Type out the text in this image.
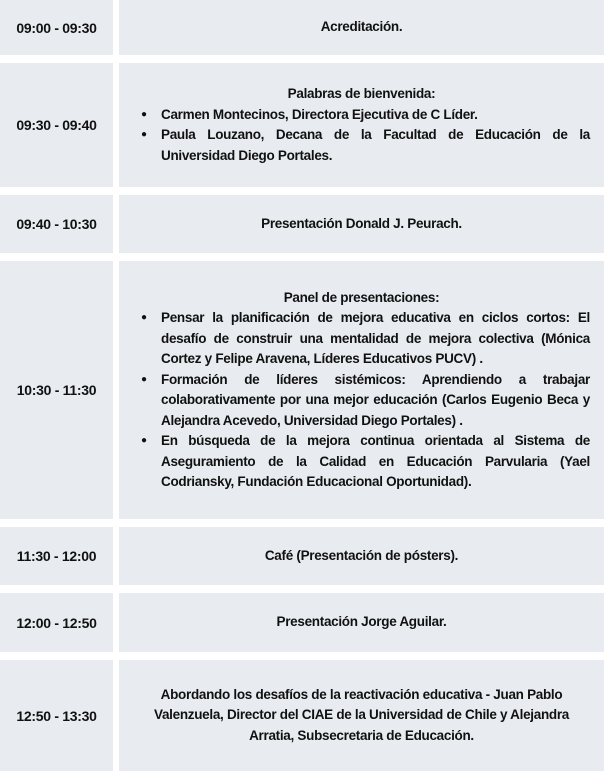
09:00 - 09:30	Acreditación.
09:30 - 09:40
Palabras de bienvenida:
● Carmen Montecinos, Directora Ejecutiva de C Líder.
● Paula Louzano, Decana de la Facultad de Educación de la Universidad Diego Portales.
09:40 - 10:30	Presentación Donald J. Peurach.
10:30 - 11:30
Panel de presentaciones:
● Pensar la planificación de mejora educativa en ciclos cortos: El desafío de construir una mentalidad de mejora colectiva (Mónica Cortez y Felipe Aravena, Líderes Educativos PUCV) .
● Formación de líderes sistémicos: Aprendiendo a trabajar colaborativamente por una mejor educación (Carlos Eugenio Beca y Alejandra Acevedo, Universidad Diego Portales) .
● En búsqueda de la mejora continua orientada al Sistema de Aseguramiento de la Calidad en Educación Parvularia (Yael Codriansky, Fundación Educacional Oportunidad).
11:30 - 12:00	Café (Presentación de pósters).
12:00 - 12:50	Presentación Jorge Aguilar.
12:50 - 13:30
Abordando los desafíos de la reactivación educativa - Juan Pablo Valenzuela, Director del CIAE de la Universidad de Chile y Alejandra Arratia, Subsecretaria de Educación.
